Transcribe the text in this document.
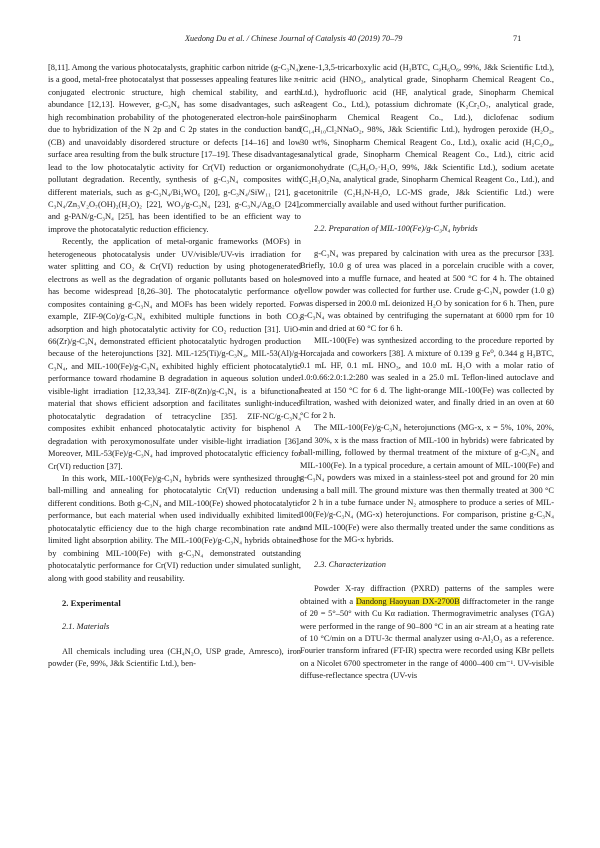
Xuedong Du et al. / Chinese Journal of Catalysis 40 (2019) 70–79	71

[8,11]. Among the various photocatalysts, graphitic carbon nitride (g-C₃N₄) is a good, metal-free photocatalyst that possesses appealing features like π-conjugated electronic structure, high chemical stability, and earth abundance [12,13]. However, g-C₃N₄ has some disadvantages, such as high recombination probability of the photogenerated electron-hole pairs due to hybridization of the N 2p and C 2p states in the conduction band (CB) and unavoidably disordered structure or defects [14–16] and low surface area resulting from the bulk structure [17–19]. These disadvantages lead to the low photocatalytic activity for Cr(VI) reduction or organic pollutant degradation. Recently, synthesis of g-C₃N₄ composites with different materials, such as g-C₃N₄/Bi₂WO₆ [20], g-C₃N₄/SiW₁₁ [21], g-C₃N₄/Zn₃V₂O₇(OH)₂(H₂O)₂ [22], WO₃/g-C₃N₄ [23], g-C₃N₄/Ag₂O [24], and g-PAN/g-C₃N₄ [25], has been identified to be an efficient way to improve the photocatalytic reduction efficiency.

Recently, the application of metal-organic frameworks (MOFs) in heterogeneous photocatalysis under UV/visible/UV-vis irradiation for water splitting and CO₂ & Cr(VI) reduction by using photogenerated electrons as well as the degradation of organic pollutants based on holes has become widespread [8,26–30]. The photocatalytic performance of composites containing g-C₃N₄ and MOFs has been widely reported. For example, ZIF-9(Co)/g-C₃N₄ exhibited multiple functions in both CO₂ adsorption and high photocatalytic activity for CO₂ reduction [31]. UiO-66(Zr)/g-C₃N₄ demonstrated efficient photocatalytic hydrogen production because of the heterojunctions [32]. MIL-125(Ti)/g-C₃N₄, MIL-53(Al)/g-C₃N₄, and MIL-100(Fe)/g-C₃N₄ exhibited highly efficient photocatalytic performance toward rhodamine B degradation in aqueous solution under visible-light irradiation [12,33,34]. ZIF-8(Zn)/g-C₃N₄ is a bifunctional material that shows efficient adsorption and facilitates sunlight-induced photocatalytic degradation of tetracycline [35]. ZIF-NC/g-C₃N₄ composites exhibit enhanced photocatalytic activity for bisphenol A degradation with peroxymonosulfate under visible-light irradiation [36]. Moreover, MIL-53(Fe)/g-C₃N₄ had improved photocatalytic efficiency for Cr(VI) reduction [37].

In this work, MIL-100(Fe)/g-C₃N₄ hybrids were synthesized through ball-milling and annealing for photocatalytic Cr(VI) reduction under different conditions. Both g-C₃N₄ and MIL-100(Fe) showed photocatalytic performance, but each material when used individually exhibited limited photocatalytic efficiency due to the high charge recombination rate and limited light absorption ability. The MIL-100(Fe)/g-C₃N₄ hybrids obtained by combining MIL-100(Fe) with g-C₃N₄ demonstrated outstanding photocatalytic performance for Cr(VI) reduction under simulated sunlight, along with good stability and reusability.

2. Experimental

2.1. Materials

All chemicals including urea (CH₄N₂O, USP grade, Amresco), iron powder (Fe, 99%, J&k Scientific Ltd.), ben-

zene-1,3,5-tricarboxylic acid (H₃BTC, C₉H₆O₆, 99%, J&k Scientific Ltd.), nitric acid (HNO₃, analytical grade, Sinopharm Chemical Reagent Co., Ltd.), hydrofluoric acid (HF, analytical grade, Sinopharm Chemical Reagent Co., Ltd.), potassium dichromate (K₂Cr₂O₇, analytical grade, Sinopharm Chemical Reagent Co., Ltd.), diclofenac sodium (C₁₄H₁₀Cl₂NNaO₂, 98%, J&k Scientific Ltd.), hydrogen peroxide (H₂O₂, 30 wt%, Sinopharm Chemical Reagent Co., Ltd.), oxalic acid (H₂C₂O₄, analytical grade, Sinopharm Chemical Reagent Co., Ltd.), citric acid monohydrate (C₆H₈O₇·H₂O, 99%, J&k Scientific Ltd.), sodium acetate (C₂H₃O₂Na, analytical grade, Sinopharm Chemical Reagent Co., Ltd.), and acetonitrile (C₂H₃N-H₂O, LC-MS grade, J&k Scientific Ltd.) were commercially available and used without further purification.

2.2. Preparation of MIL-100(Fe)/g-C₃N₄ hybrids

g-C₃N₄ was prepared by calcination with urea as the precursor [33]. Briefly, 10.0 g of urea was placed in a porcelain crucible with a cover, moved into a muffle furnace, and heated at 500 °C for 4 h. The obtained yellow powder was collected for further use. Crude g-C₃N₄ powder (1.0 g) was dispersed in 200.0 mL deionized H₂O by sonication for 6 h. Then, pure g-C₃N₄ was obtained by centrifuging the supernatant at 6000 rpm for 10 min and dried at 60 °C for 6 h.

MIL-100(Fe) was synthesized according to the procedure reported by Horcajada and coworkers [38]. A mixture of 0.139 g Fe⁰, 0.344 g H₃BTC, 0.1 mL HF, 0.1 mL HNO₃, and 10.0 mL H₂O with a molar ratio of 1.0:0.66:2.0:1.2:280 was sealed in a 25.0 mL Teflon-lined autoclave and heated at 150 °C for 6 d. The light-orange MIL-100(Fe) was collected by filtration, washed with deionized water, and finally dried in an oven at 60 °C for 2 h.

The MIL-100(Fe)/g-C₃N₄ heterojunctions (MG-x, x = 5%, 10%, 20%, and 30%, x is the mass fraction of MIL-100 in hybrids) were fabricated by ball-milling, followed by thermal treatment of the mixture of g-C₃N₄ and MIL-100(Fe). In a typical procedure, a certain amount of MIL-100(Fe) and g-C₃N₄ powders was mixed in a stainless-steel pot and ground for 20 min using a ball mill. The ground mixture was then thermally treated at 300 °C for 2 h in a tube furnace under N₂ atmosphere to produce a series of MIL-100(Fe)/g-C₃N₄ (MG-x) heterojunctions. For comparison, pristine g-C₃N₄ and MIL-100(Fe) were also thermally treated under the same conditions as those for the MG-x hybrids.

2.3. Characterization

Powder X-ray diffraction (PXRD) patterns of the samples were obtained with a Dandong Haoyuan DX-2700B diffractometer in the range of 2θ = 5°–50° with Cu Kα radiation. Thermogravimetric analyses (TGA) were performed in the range of 90–800 °C in an air stream at a heating rate of 10 °C/min on a DTU-3c thermal analyzer using α-Al₂O₃ as a reference. Fourier transform infrared (FT-IR) spectra were recorded using KBr pellets on a Nicolet 6700 spectrometer in the range of 4000–400 cm⁻¹. UV-visible diffuse-reflectance spectra (UV-vis
